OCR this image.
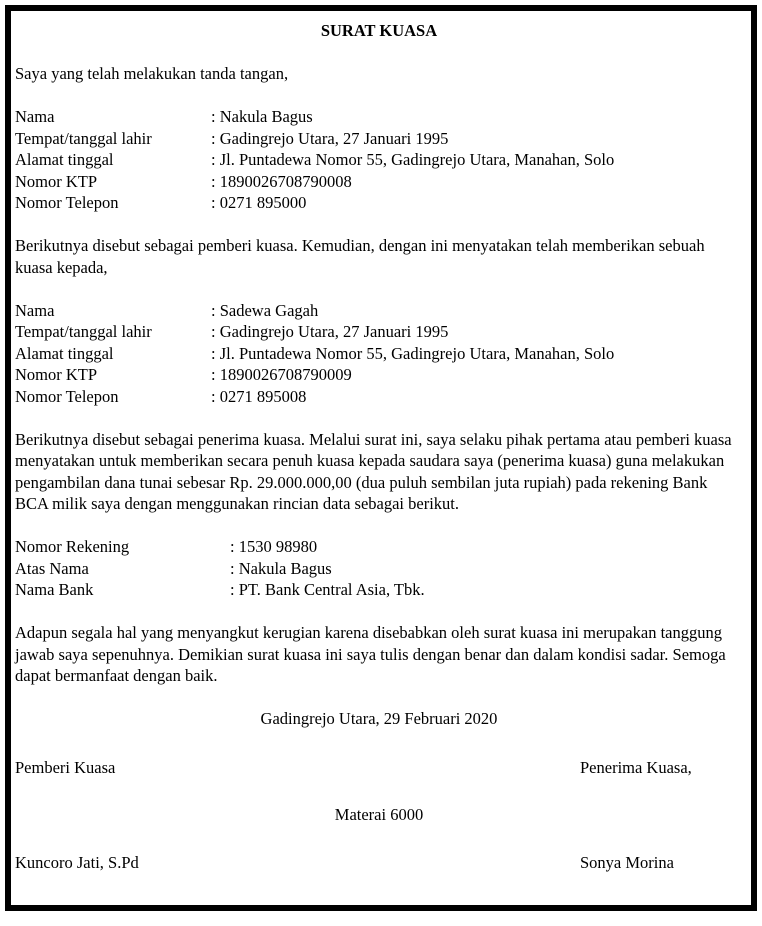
SURAT KUASA
Saya yang telah melakukan tanda tangan,
Nama	: Nakula Bagus
Tempat/tanggal lahir	: Gadingrejo Utara, 27 Januari 1995
Alamat tinggal	: Jl. Puntadewa Nomor 55, Gadingrejo Utara, Manahan, Solo
Nomor KTP	: 1890026708790008
Nomor Telepon	: 0271 895000
Berikutnya disebut sebagai pemberi kuasa. Kemudian, dengan ini menyatakan telah memberikan sebuah kuasa kepada,
Nama	: Sadewa Gagah
Tempat/tanggal lahir	: Gadingrejo Utara, 27 Januari 1995
Alamat tinggal	: Jl. Puntadewa Nomor 55, Gadingrejo Utara, Manahan, Solo
Nomor KTP	: 1890026708790009
Nomor Telepon	: 0271 895008
Berikutnya disebut sebagai penerima kuasa. Melalui surat ini, saya selaku pihak pertama atau pemberi kuasa menyatakan untuk memberikan secara penuh kuasa kepada saudara saya (penerima kuasa) guna melakukan pengambilan dana tunai sebesar Rp. 29.000.000,00 (dua puluh sembilan juta rupiah) pada rekening Bank BCA milik saya dengan menggunakan rincian data sebagai berikut.
Nomor Rekening	: 1530 98980
Atas Nama	: Nakula Bagus
Nama Bank	: PT. Bank Central Asia, Tbk.
Adapun segala hal yang menyangkut kerugian karena disebabkan oleh surat kuasa ini merupakan tanggung jawab saya sepenuhnya. Demikian surat kuasa ini saya tulis dengan benar dan dalam kondisi sadar. Semoga dapat bermanfaat dengan baik.
Gadingrejo Utara, 29 Februari 2020
Pemberi Kuasa	Penerima Kuasa,
Materai 6000
Kuncoro Jati, S.Pd	Sonya Morina
